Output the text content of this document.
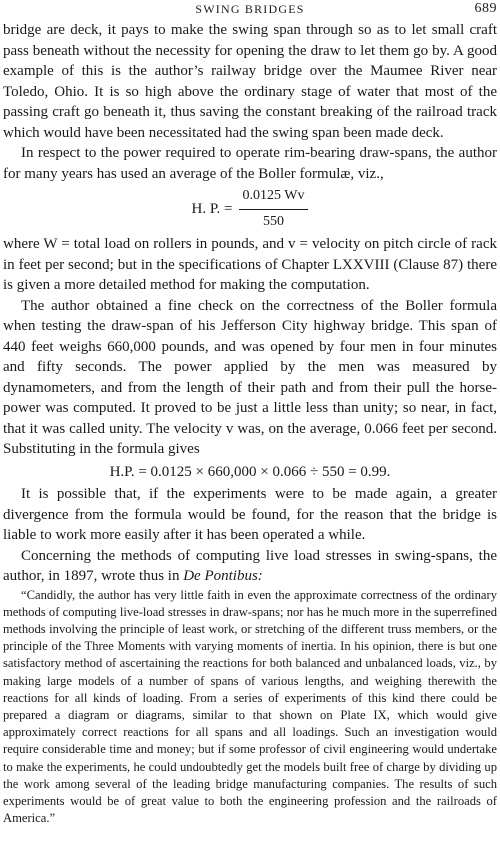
SWING BRIDGES	689

bridge are deck, it pays to make the swing span through so as to let small craft pass beneath without the necessity for opening the draw to let them go by. A good example of this is the author’s railway bridge over the Maumee River near Toledo, Ohio. It is so high above the ordinary stage of water that most of the passing craft go beneath it, thus saving the constant breaking of the railroad track which would have been necessitated had the swing span been made deck.

In respect to the power required to operate rim-bearing draw-spans, the author for many years has used an average of the Boller formulæ, viz.,

H. P. = $\frac{0.0125 Wv}{550}$

where W = total load on rollers in pounds, and v = velocity on pitch circle of rack in feet per second; but in the specifications of Chapter LXXVIII (Clause 87) there is given a more detailed method for making the computation.

The author obtained a fine check on the correctness of the Boller formula when testing the draw-span of his Jefferson City highway bridge. This span of 440 feet weighs 660,000 pounds, and was opened by four men in four minutes and fifty seconds. The power applied by the men was measured by dynamometers, and from the length of their path and from their pull the horse-power was computed. It proved to be just a little less than unity; so near, in fact, that it was called unity. The velocity v was, on the average, 0.066 feet per second. Substituting in the formula gives

H.P. = 0.0125 × 660,000 × 0.066 ÷ 550 = 0.99.

It is possible that, if the experiments were to be made again, a greater divergence from the formula would be found, for the reason that the bridge is liable to work more easily after it has been operated a while.

Concerning the methods of computing live load stresses in swing-spans, the author, in 1897, wrote thus in De Pontibus:

“Candidly, the author has very little faith in even the approximate correctness of the ordinary methods of computing live-load stresses in draw-spans; nor has he much more in the superrefined methods involving the principle of least work, or stretching of the different truss members, or the principle of the Three Moments with varying moments of inertia. In his opinion, there is but one satisfactory method of ascertaining the reactions for both balanced and unbalanced loads, viz., by making large models of a number of spans of various lengths, and weighing therewith the reactions for all kinds of loading. From a series of experiments of this kind there could be prepared a diagram or diagrams, similar to that shown on Plate IX, which would give approximately correct reactions for all spans and all loadings. Such an investigation would require considerable time and money; but if some professor of civil engineering would undertake to make the experiments, he could undoubtedly get the models built free of charge by dividing up the work among several of the leading bridge manufacturing companies. The results of such experiments would be of great value to both the engineering profession and the railroads of America.”
